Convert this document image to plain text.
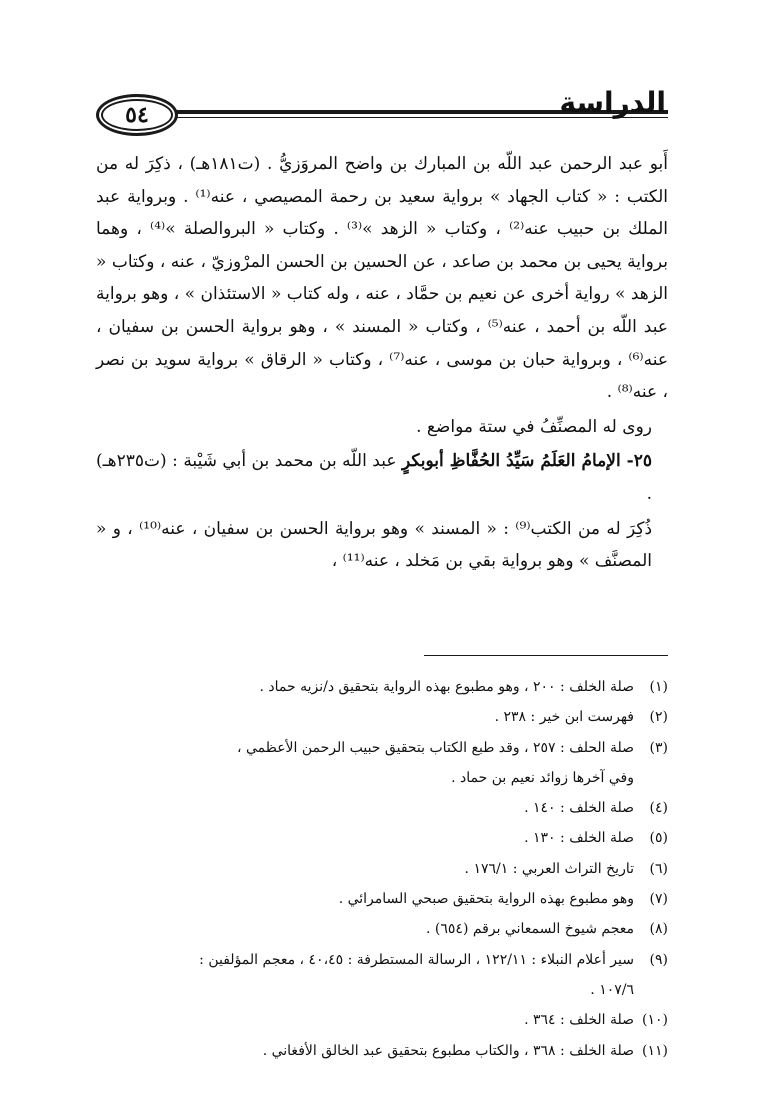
٥٤	الدراسة

أَبو عبد الرحمن عبد اللّه بن المبارك بن واضح المروَزيُّ . (ت١٨١هـ) ، ذكِرَ له من الكتب : « كتاب الجهاد » برواية سعيد بن رحمة المصيصي ، عنه⁽¹⁾ . وبرواية عبد الملك بن حبيب عنه⁽²⁾ ، وكتاب « الزهد »⁽³⁾ . وكتاب « البروالصلة »⁽⁴⁾ ، وهما برواية يحيى بن محمد بن صاعد ، عن الحسين بن الحسن المرْوزيّ ، عنه ، وكتاب « الزهد » رواية أخرى عن نعيم بن حمَّاد ، عنه ، وله كتاب « الاستئذان » ، وهو برواية عبد اللّه بن أحمد ، عنه⁽⁵⁾ ، وكتاب « المسند » ، وهو برواية الحسن بن سفيان ، عنه⁽⁶⁾ ، وبرواية حبان بن موسى ، عنه⁽⁷⁾ ، وكتاب « الرقاق » برواية سويد بن نصر ، عنه⁽⁸⁾ .

روى له المصنِّفُ في ستة مواضع .

٢٥- الإمامُ العَلَمُ سَيِّدُ الحُفَّاظِ أبوبكرٍ عبد اللّه بن محمد بن أبي شَيْبة : (ت٢٣٥هـ) .

ذُكِرَ له من الكتب⁽⁹⁾ : « المسند » وهو برواية الحسن بن سفيان ، عنه⁽¹⁰⁾ ، و « المصنَّف » وهو برواية بقي بن مَخلد ، عنه⁽¹¹⁾ ،

(١)
صلة الخلف : ٢٠٠ ، وهو مطبوع بهذه الرواية بتحقيق د/نزيه حماد .
(٢)
فهرست ابن خير : ٢٣٨ .
(٣)
صلة الحلف : ٢٥٧ ، وقد طبع الكتاب بتحقيق حبيب الرحمن الأعظمي ،
وفي آخرها زوائد نعيم بن حماد .
(٤)
صلة الخلف : ١٤٠ .
(٥)
صلة الخلف : ١٣٠ .
(٦)
تاريخ التراث العربي : ١٧٦/١ .
(٧)
وهو مطبوع بهذه الرواية بتحقيق صبحي السامرائي .
(٨)
معجم شيوخ السمعاني برقم (٦٥٤) .
(٩)
سير أعلام النبلاء : ١٢٢/١١ ، الرسالة المستطرفة : ٤٠،٤٥ ، معجم المؤلفين :
١٠٧/٦ .
(١٠)
صلة الخلف : ٣٦٤ .
(١١)
صلة الخلف : ٣٦٨ ، والكتاب مطبوع بتحقيق عبد الخالق الأفغاني .
